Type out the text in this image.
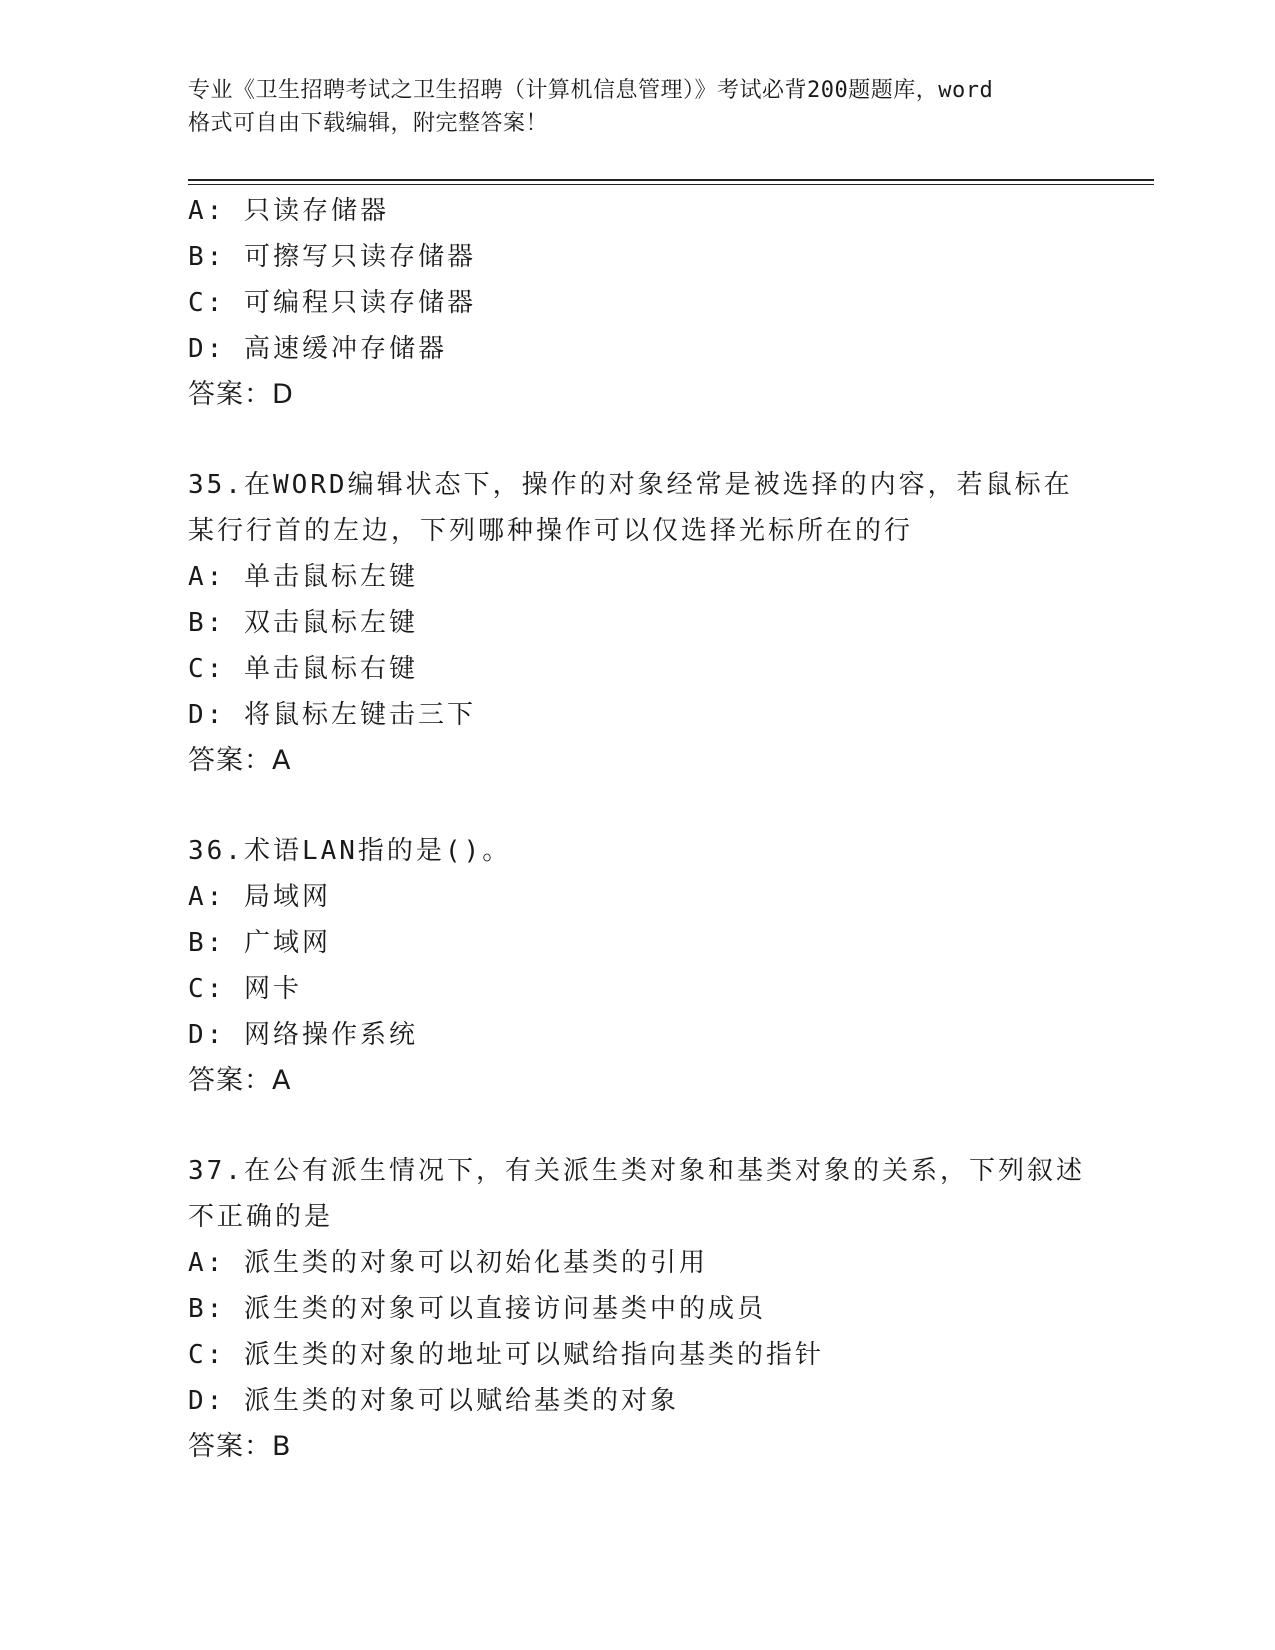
专业《卫生招聘考试之卫生招聘（计算机信息管理）》考试必背200题题库，word
格式可自由下载编辑，附完整答案！
A: 只读存储器
B: 可擦写只读存储器
C: 可编程只读存储器
D: 高速缓冲存储器
答案：D
35.在WORD编辑状态下，操作的对象经常是被选择的内容，若鼠标在
某行行首的左边，下列哪种操作可以仅选择光标所在的行
A: 单击鼠标左键
B: 双击鼠标左键
C: 单击鼠标右键
D: 将鼠标左键击三下
答案：A
36.术语LAN指的是()。
A: 局域网
B: 广域网
C: 网卡
D: 网络操作系统
答案：A
37.在公有派生情况下，有关派生类对象和基类对象的关系，下列叙述
不正确的是
A: 派生类的对象可以初始化基类的引用
B: 派生类的对象可以直接访问基类中的成员
C: 派生类的对象的地址可以赋给指向基类的指针
D: 派生类的对象可以赋给基类的对象
答案：B
